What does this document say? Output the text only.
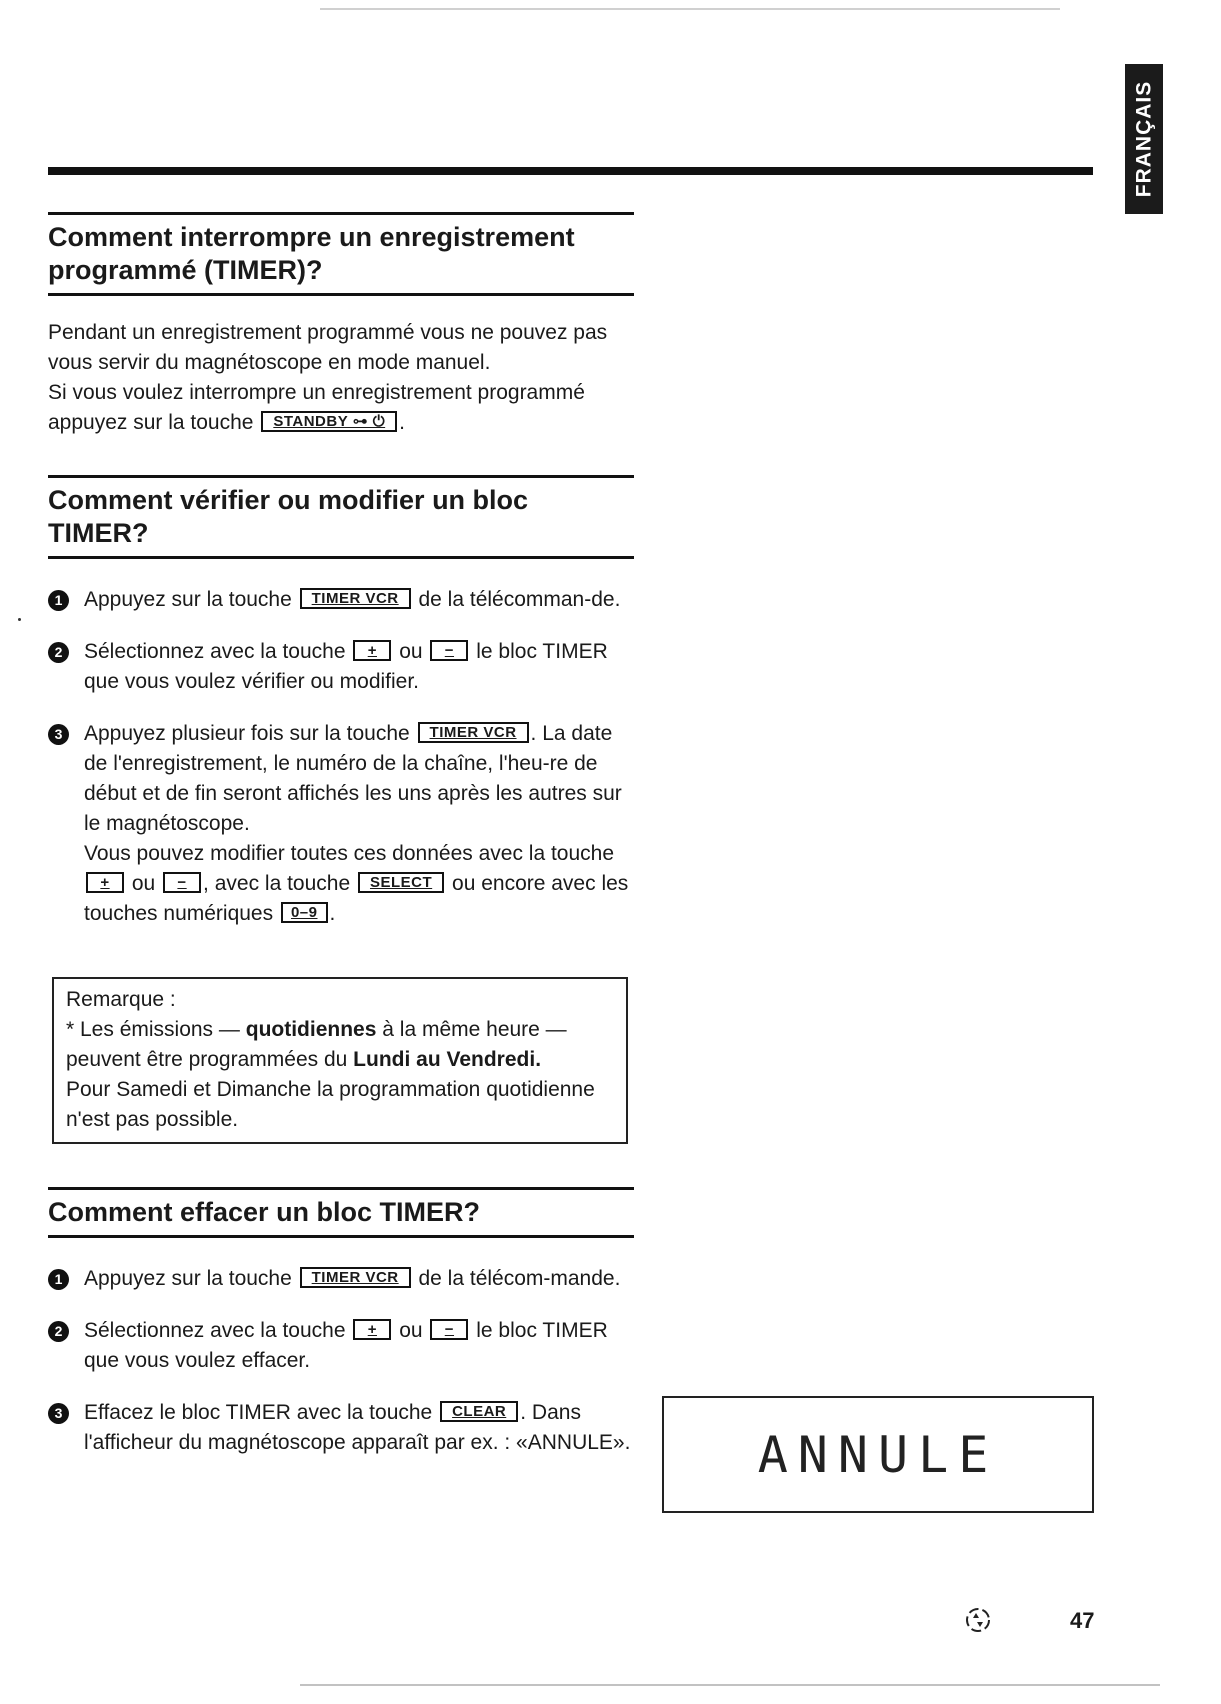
FRANÇAIS
Comment interrompre un enregistrement programmé (TIMER)?

Pendant un enregistrement programmé vous ne pouvez pas vous servir du magnétoscope en mode manuel.

Si vous voulez interrompre un enregistrement programmé appuyez sur la touche STANDBY ⊶ ⏻ .

Comment vérifier ou modifier un bloc TIMER?
1	Appuyez sur la touche TIMER VCR de la télécomman-de.
2	Sélectionnez avec la touche + ou − le bloc TIMER que vous voulez vérifier ou modifier.
3	Appuyez plusieur fois sur la touche TIMER VCR . La date de l'enregistrement, le numéro de la chaîne, l'heu-re de début et de fin seront affichés les uns après les autres sur le magnétoscope.
Vous pouvez modifier toutes ces données avec la touche + ou − , avec la touche SELECT ou encore avec les touches numériques 0–9 .
Remarque :
* Les émissions — quotidiennes à la même heure — peuvent être programmées du Lundi au Vendredi.
Pour Samedi et Dimanche la programmation quotidienne n'est pas possible.
Comment effacer un bloc TIMER?
1	Appuyez sur la touche TIMER VCR de la télécom-mande.
2	Sélectionnez avec la touche + ou − le bloc TIMER que vous voulez effacer.
3	Effacez le bloc TIMER avec la touche CLEAR . Dans l'afficheur du magnétoscope apparaît par ex. : «ANNULE».	ANNULE
47
